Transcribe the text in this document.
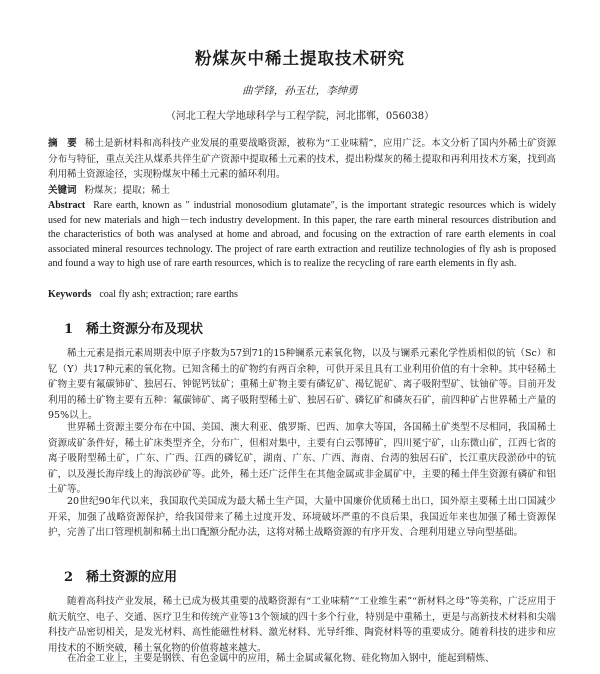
粉煤灰中稀土提取技术研究
曲学锋，孙玉壮，李绅勇
（河北工程大学地球科学与工程学院，河北邯郸，056038）
摘　要 稀土是新材料和高科技产业发展的重要战略资源，被称为“工业味精”，应用广泛。本文分析了国内外稀土矿资源分布与特征，重点关注从煤系共伴生矿产资源中提取稀土元素的技术，提出粉煤灰的稀土提取和再利用技术方案，找到高利用稀土资源途径，实现粉煤灰中稀土元素的循环利用。
关键词 粉煤灰；提取；稀土
Abstract Rare earth, known as " industrial monosodium glutamate", is the important strategic resources which is widely used for new materials and high－tech industry development. In this paper, the rare earth mineral resources distribution and the characteristics of both was analysed at home and abroad, and focusing on the extraction of rare earth elements in coal associated mineral resources technology. The project of rare earth extraction and reutilize technologies of fly ash is proposed and found a way to high use of rare earth resources, which is to realize the recycling of rare earth elements in fly ash.
Keywords coal fly ash; extraction; rare earths
1 稀土资源分布及现状
稀土元素是指元素周期表中原子序数为57到71的15种镧系元素氧化物，以及与镧系元素化学性质相似的钪（Sc）和钇（Y）共17种元素的氧化物。已知含稀土的矿物约有两百余种，可供开采且具有工业利用价值的有十余种。其中轻稀土矿物主要有氟碳铈矿、独居石、钟铌钙钛矿；重稀土矿物主要有磷钇矿、褐钇铌矿、离子吸附型矿、钛铀矿等。目前开发利用的稀土矿物主要有五种：氟碳铈矿、离子吸附型稀土矿、独居石矿、磷钇矿和磷灰石矿，前四种矿占世界稀土产量的95%以上。
世界稀土资源主要分布在中国、美国、澳大利亚、俄罗斯、巴西、加拿大等国，各国稀土矿类型不尽相同，我国稀土资源成矿条件好，稀土矿床类型齐全，分布广，但相对集中，主要有白云鄂博矿，四川冕宁矿，山东微山矿，江西七省的离子吸附型稀土矿，广东、广西、江西的磷钇矿，湖南、广东、广西、海南、台湾的独居石矿，长江重庆段淤砂中的钪矿，以及漫长海岸线上的海滨砂矿等。此外，稀土还广泛伴生在其他金属或非金属矿中，主要的稀土伴生资源有磷矿和铝土矿等。
20世纪90年代以来，我国取代美国成为最大稀土生产国，大量中国廉价优质稀土出口，国外原主要稀土出口国减少开采，加强了战略资源保护，给我国带来了稀土过度开发、环境破坏严重的不良后果，我国近年来也加强了稀土资源保护，完善了出口管理机制和稀土出口配额分配办法，这将对稀土战略资源的有序开发、合理利用建立导向型基础。
2 稀土资源的应用
随着高科技产业发展，稀土已成为极其重要的战略资源有“工业味精”“工业维生素”“新材料之母”等美称，广泛应用于航天航空、电子、交通、医疗卫生和传统产业等13个领域的四十多个行业，特别是中重稀土，更是与高新技术材料和尖端科技产品密切相关，是发光材料、高性能磁性材料、激光材料、光导纤维、陶瓷材料等的重要成分。随着科技的进步和应用技术的不断突破，稀土氧化物的价值将越来越大。
在冶金工业上，主要是钢铁、有色金属中的应用，稀土金属或氟化物、硅化物加入钢中，能起到精炼、
